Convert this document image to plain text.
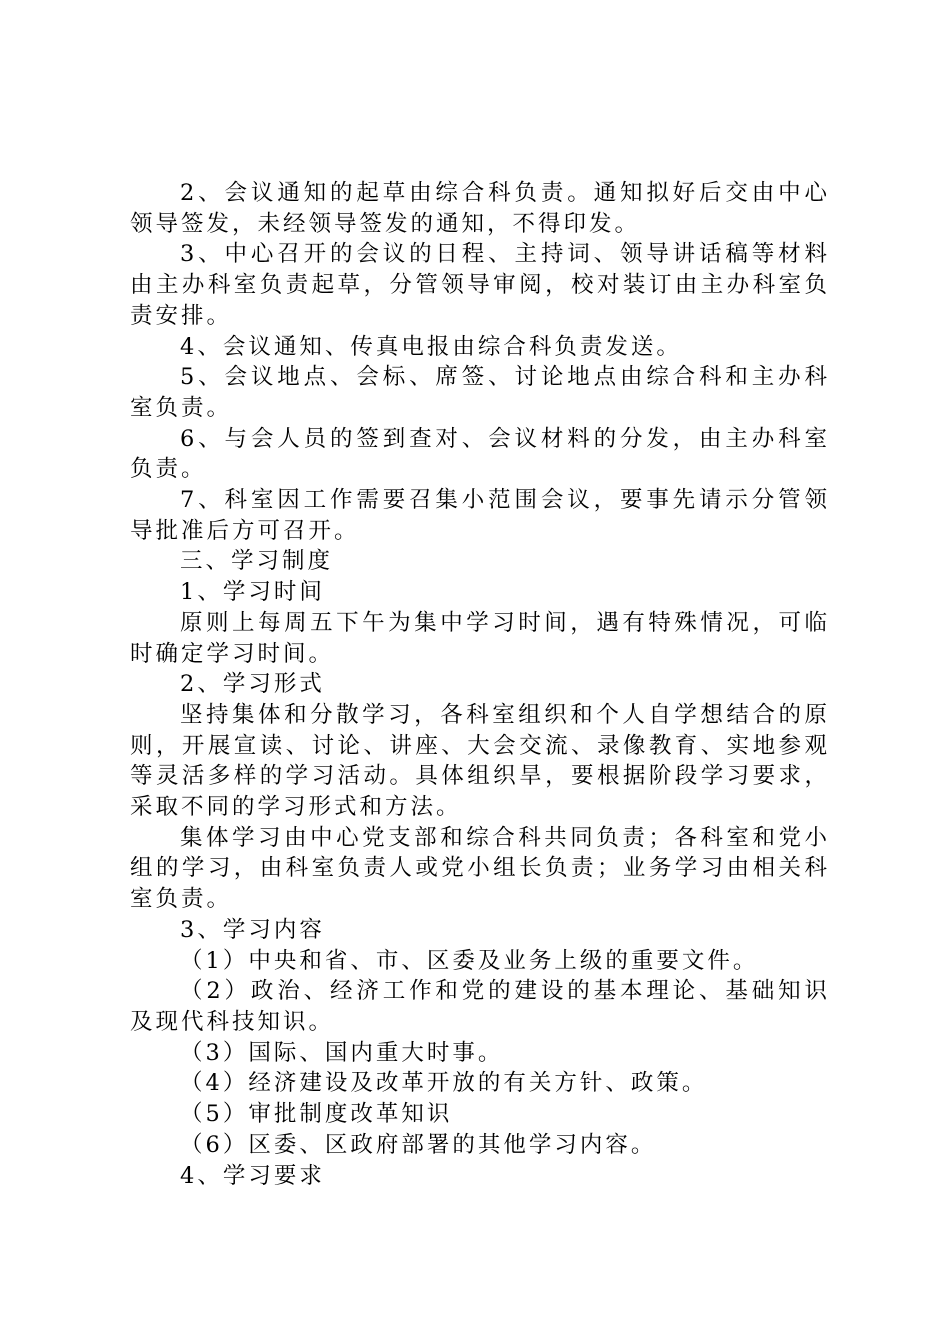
2、会议通知的起草由综合科负责。通知拟好后交由中心领导签发，未经领导签发的通知，不得印发。

3、中心召开的会议的日程、主持词、领导讲话稿等材料由主办科室负责起草，分管领导审阅，校对装订由主办科室负责安排。

4、会议通知、传真电报由综合科负责发送。

5、会议地点、会标、席签、讨论地点由综合科和主办科室负责。

6、与会人员的签到查对、会议材料的分发，由主办科室负责。

7、科室因工作需要召集小范围会议，要事先请示分管领导批准后方可召开。

三、学习制度

1、学习时间

原则上每周五下午为集中学习时间，遇有特殊情况，可临时确定学习时间。

2、学习形式

坚持集体和分散学习，各科室组织和个人自学想结合的原则，开展宣读、讨论、讲座、大会交流、录像教育、实地参观等灵活多样的学习活动。具体组织旱，要根据阶段学习要求，采取不同的学习形式和方法。

集体学习由中心党支部和综合科共同负责；各科室和党小组的学习，由科室负责人或党小组长负责；业务学习由相关科室负责。

3、学习内容

（1）中央和省、市、区委及业务上级的重要文件。

（2）政治、经济工作和党的建设的基本理论、基础知识及现代科技知识。

（3）国际、国内重大时事。

（4）经济建设及改革开放的有关方针、政策。

（5）审批制度改革知识

（6）区委、区政府部署的其他学习内容。

4、学习要求
